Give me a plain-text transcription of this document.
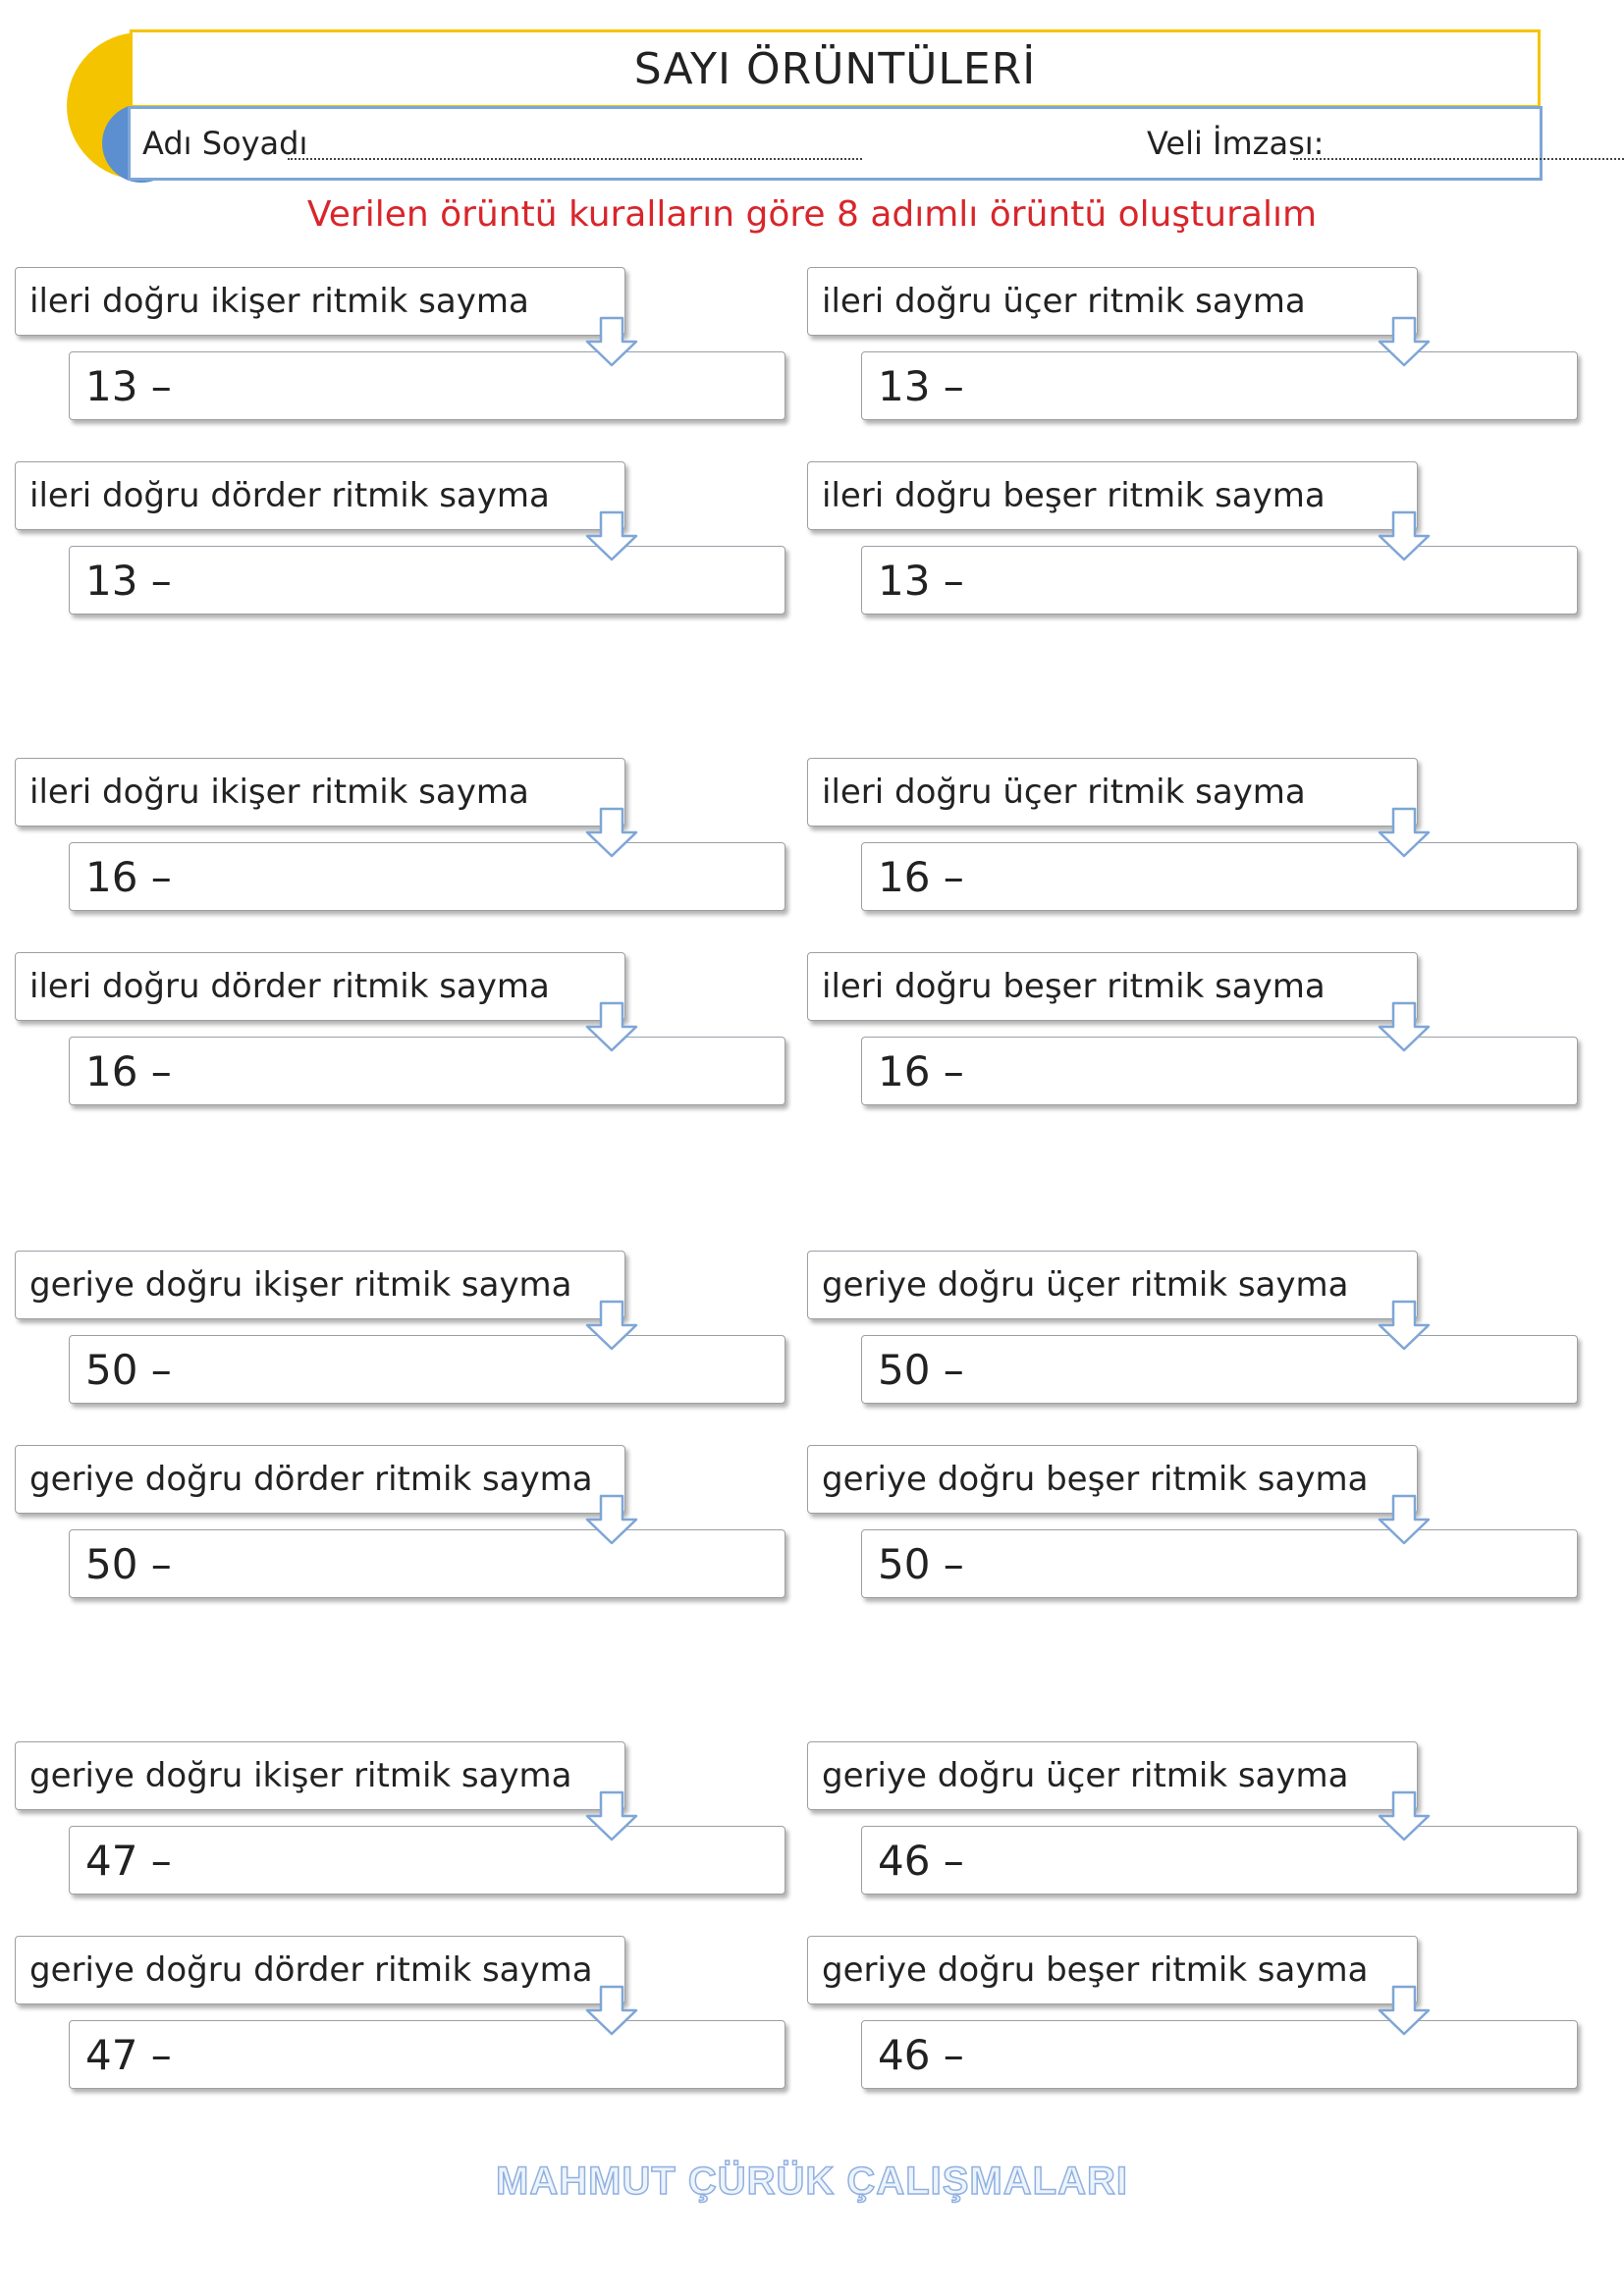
SAYI ÖRÜNTÜLERİ
Adı Soyadı	Veli İmzası:
Verilen örüntü kuralların göre 8 adımlı örüntü oluşturalım
ileri doğru ikişer ritmik sayma
13 –
ileri doğru üçer ritmik sayma
13 –
ileri doğru dörder ritmik sayma
13 –
ileri doğru beşer ritmik sayma
13 –
ileri doğru ikişer ritmik sayma
16 –
ileri doğru üçer ritmik sayma
16 –
ileri doğru dörder ritmik sayma
16 –
ileri doğru beşer ritmik sayma
16 –
geriye doğru ikişer ritmik sayma
50 –
geriye doğru üçer ritmik sayma
50 –
geriye doğru dörder ritmik sayma
50 –
geriye doğru beşer ritmik sayma
50 –
geriye doğru ikişer ritmik sayma
47 –
geriye doğru üçer ritmik sayma
46 –
geriye doğru dörder ritmik sayma
47 –
geriye doğru beşer ritmik sayma
46 –
MAHMUT ÇÜRÜK ÇALIŞMALARI
